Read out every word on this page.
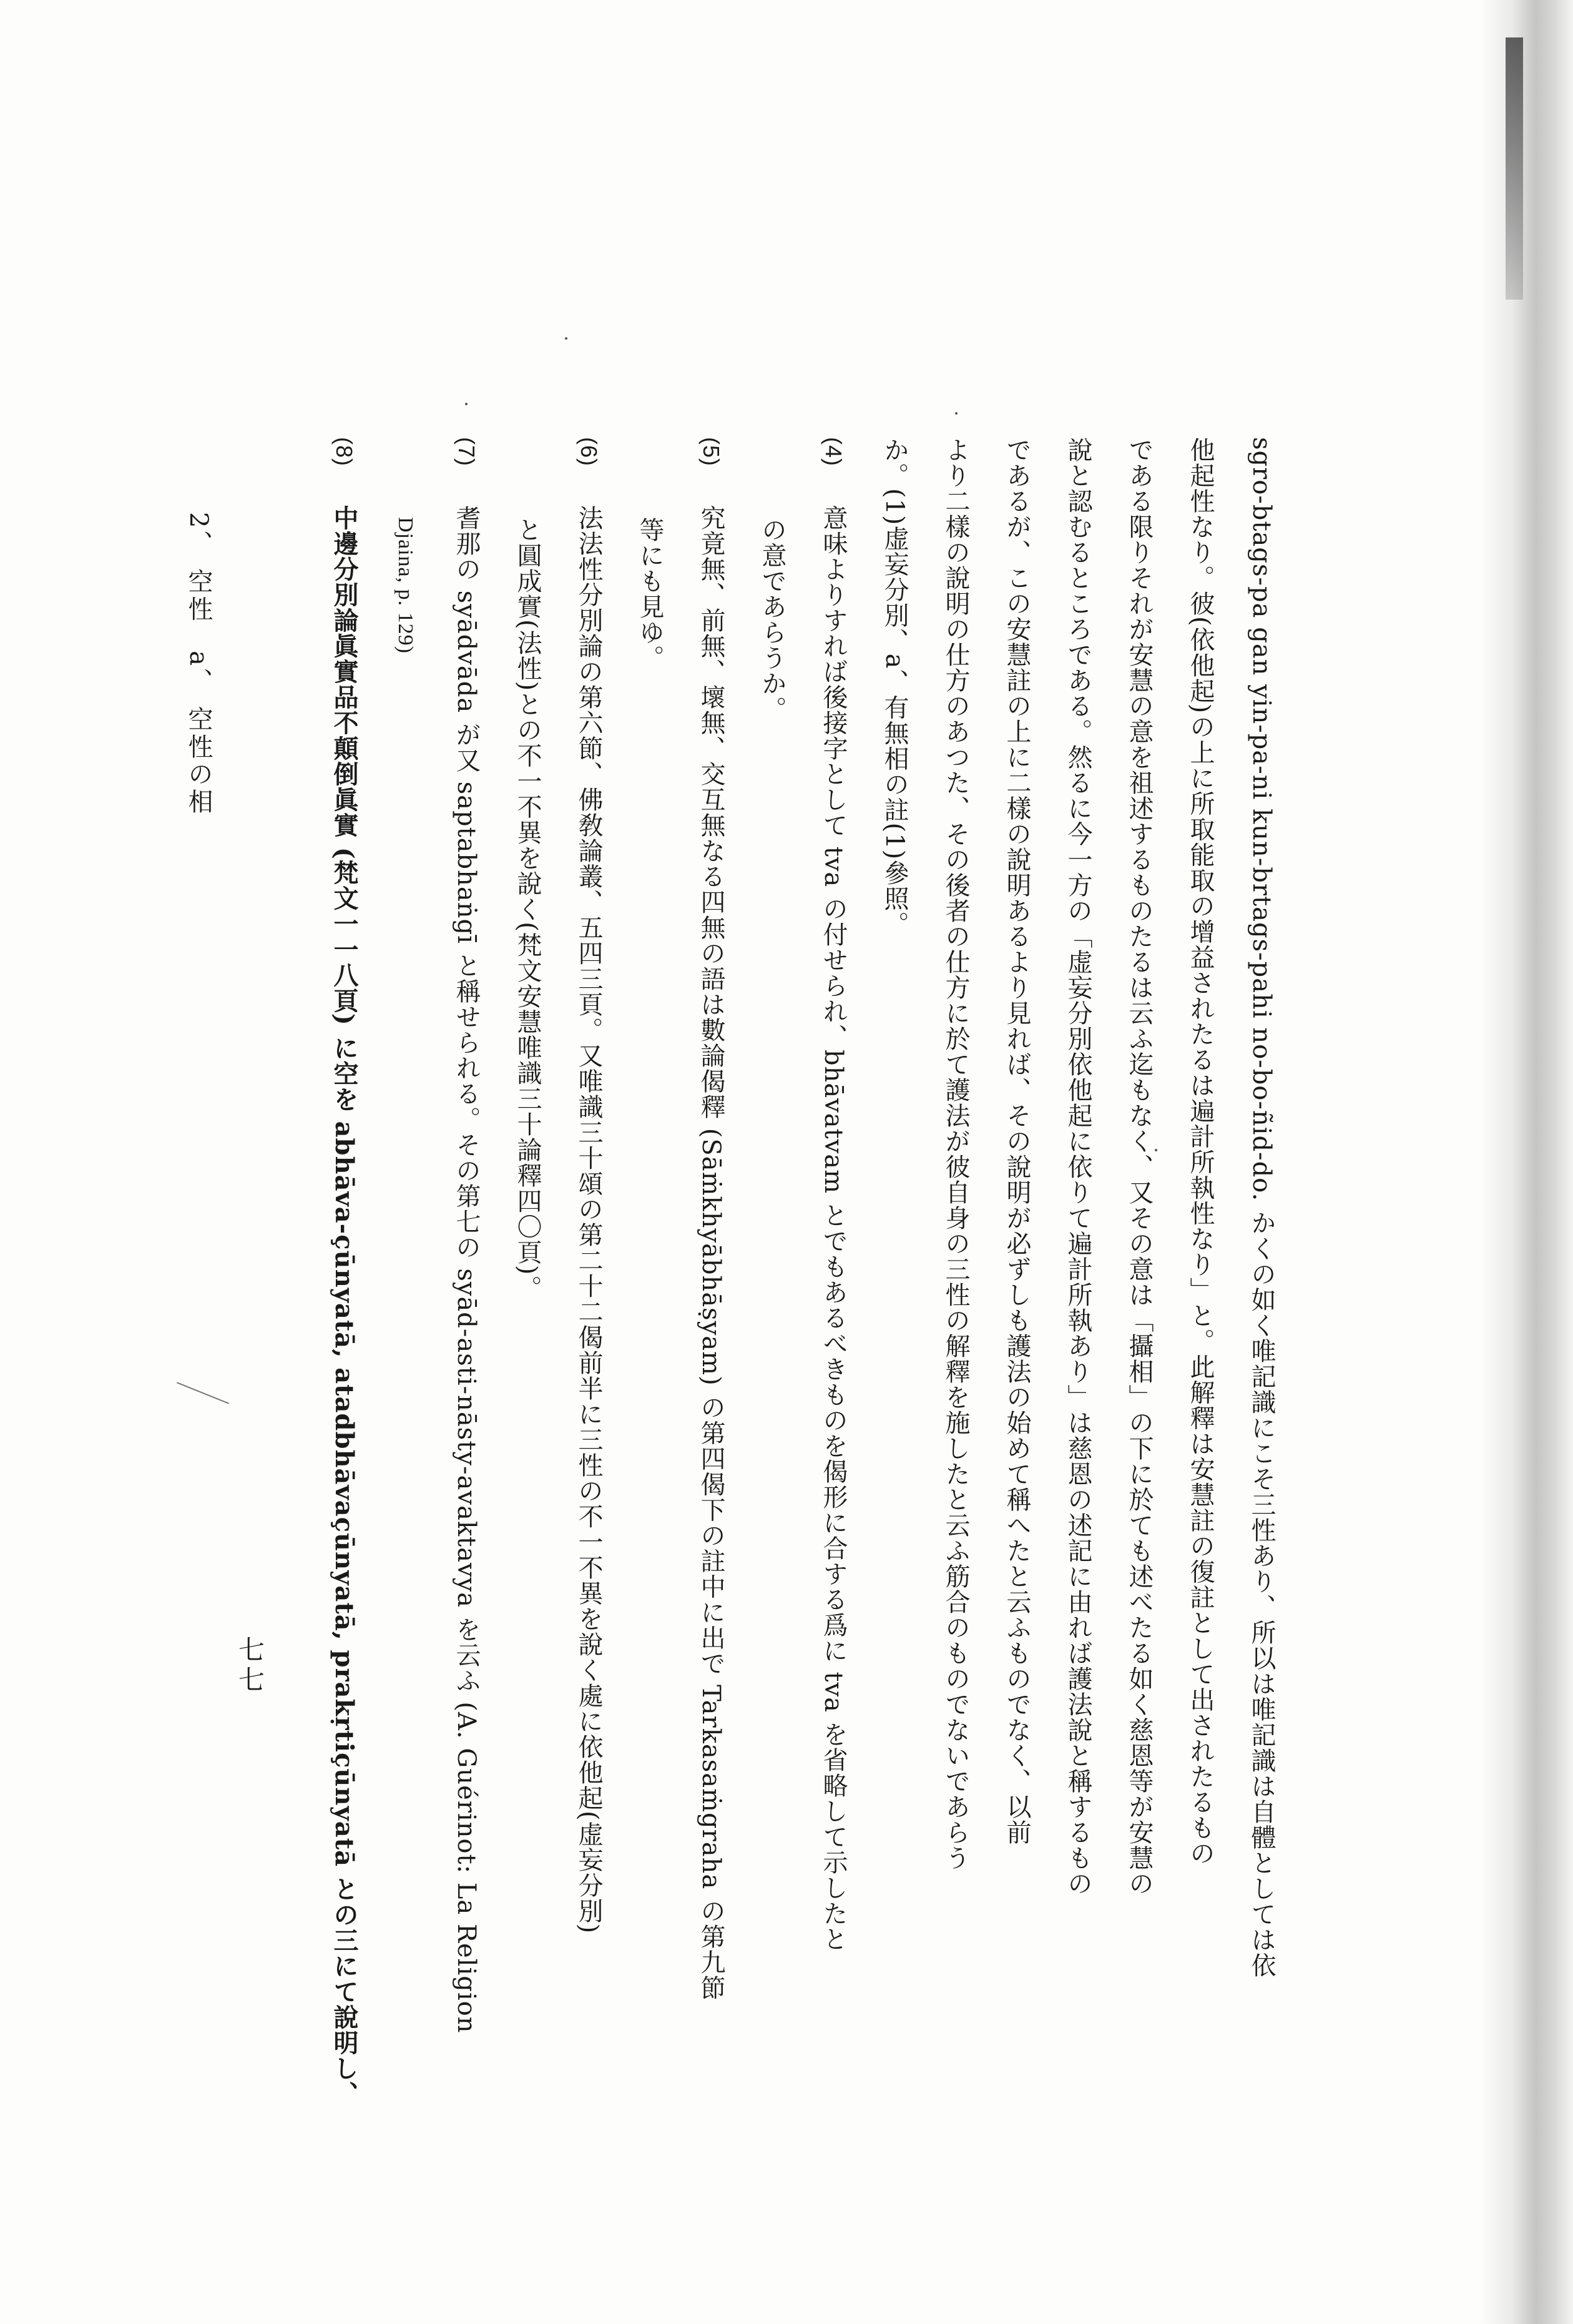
sgro-btags-pa gan yin-pa-ni kun-brtags-pahi no-bo-ñid-do. かくの如く唯記識にこそ三性あり、所以は唯記識は自體としては依
他起性なり。彼(依他起)の上に所取能取の增益されたるは遍計所執性なり」と。此解釋は安慧註の復註として出されたるもの
である限りそれが安慧の意を祖述するものたるは云ふ迄もなく、又その意は「攝相」の下に於ても述べたる如く慈恩等が安慧の
說と認むるところである。然るに今一方の「虚妄分別依他起に依りて遍計所執あり」は慈恩の述記に由れば護法說と稱するもの
であるが、この安慧註の上に二樣の說明あるより見れば、その說明が必ずしも護法の始めて稱へたと云ふものでなく、以前
より二樣の說明の仕方のあつた、その後者の仕方に於て護法が彼自身の三性の解釋を施したと云ふ筋合のものでないであらう
か。(1)虚妄分別、a、有無相の註(1)參照。
(4)意味よりすれば後接字として tva の付せられ、bhāvatvam とでもあるべきものを偈形に合する爲に tva を省略して示したと
の意であらうか。
(5)究竟無、前無、壞無、交互無なる四無の語は數論偈釋 (Sāṁkhyābhāṣyam) の第四偈下の註中に出で Tarkasaṁgraha の第九節
等にも見ゆ。
(6)法法性分別論の第六節、佛敎論叢、五四三頁。又唯識三十頌の第二十二偈前半に三性の不一不異を說く處に依他起(虚妄分別)
と圓成實(法性)との不一不異を說く(梵文安慧唯識三十論釋四〇頁)。
(7)耆那の syādvāda が又 saptabhaṅgī と稱せられる。その第七の syād-asti-nāsty-avaktavya を云ふ (A. Guérinot: La Religion
Djaina, p. 129)
(8)中邊分別論眞實品不顛倒眞實 (梵文一一八頁) に空を abhāva-çūnyatā, atadbhāvaçūnyatā, prakṛtiçūnyatā との三にて說明し、
2、 空性　a、 空性の相
七七
